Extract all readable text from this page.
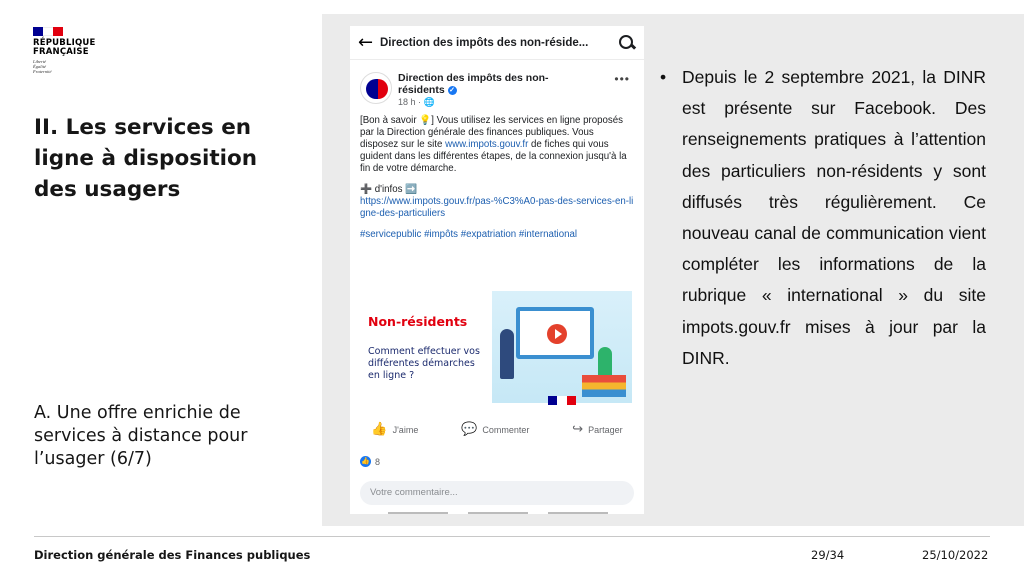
RÉPUBLIQUE
FRANÇAISE
Liberté
Égalité
Fraternité
II. Les services en ligne à disposition des usagers
A. Une offre enrichie de services à distance pour l’usager (6/7)
← Direction des impôts des non-réside...
Direction des impôts des non-résidents ✓
18 h · 🌐
•••

[Bon à savoir 💡] Vous utilisez les services en ligne proposés par la Direction générale des finances publiques. Vous disposez sur le site www.impots.gouv.fr de fiches qui vous guident dans les différentes étapes, de la connexion jusqu'à la fin de votre démarche.

➕ d'infos ➡️

https://www.impots.gouv.fr/pas-%C3%A0-pas-des-services-en-ligne-des-particuliers

#servicepublic #impôts #expatriation #international

Non-résidents
Comment effectuer vos différentes démarches en ligne ?
👍 J'aime	💬 Commenter	↪ Partager
👍 8
Votre commentaire...
• Depuis le 2 septembre 2021, la DINR est présente sur Facebook. Des renseignements pratiques à l’attention des particuliers non-résidents y sont diffusés très régulièrement. Ce nouveau canal de communication vient compléter les informations de la rubrique « international » du site impots.gouv.fr mises à jour par la DINR.
Direction générale des Finances publiques	29/34	25/10/2022
